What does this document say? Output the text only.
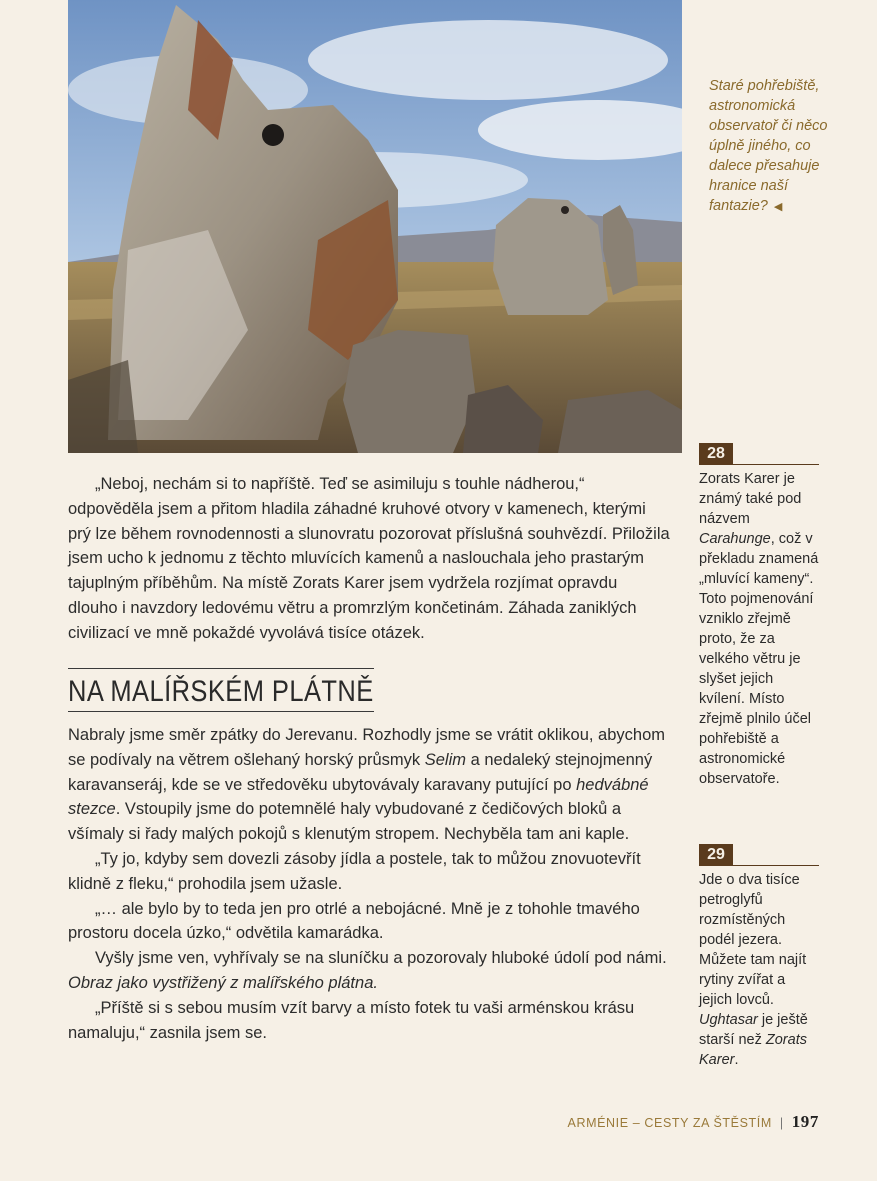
Staré pohřebiště, astronomická observatoř či něco úplně jiného, co dalece přesahuje hranice naší fantazie? ◀

„Neboj, nechám si to napříště. Teď se asimiluju s touhle nádherou,“ odpověděla jsem a přitom hladila záhadné kruhové otvory v kamenech, kterými prý lze během rovnodennosti a slunovratu pozorovat příslušná souhvězdí. Přiložila jsem ucho k jednomu z těchto mluvících kamenů a naslouchala jeho prastarým tajuplným příběhům. Na místě Zorats Karer jsem vydržela rozjímat opravdu dlouho i navzdory ledovému větru a promrzlým končetinám. Záhada zaniklých civilizací ve mně pokaždé vyvolává tisíce otázek.

NA MALÍŘSKÉM PLÁTNĚ

Nabraly jsme směr zpátky do Jerevanu. Rozhodly jsme se vrátit oklikou, abychom se podívaly na větrem ošlehaný horský průsmyk Selim a nedaleký stejnojmenný karavanseráj, kde se ve středověku ubytovávaly karavany putující po hedvábné stezce. Vstoupily jsme do potemnělé haly vybudované z čedičových bloků a všímaly si řady malých pokojů s klenutým stropem. Nechyběla tam ani kaple.

„Ty jo, kdyby sem dovezli zásoby jídla a postele, tak to můžou znovuotevřít klidně z fleku,“ prohodila jsem užasle.

„… ale bylo by to teda jen pro otrlé a nebojácné. Mně je z tohohle tmavého prostoru docela úzko,“ odvětila kamarádka.

Vyšly jsme ven, vyhřívaly se na sluníčku a pozorovaly hluboké údolí pod námi. Obraz jako vystřižený z malířského plátna.

„Příště si s sebou musím vzít barvy a místo fotek tu vaši arménskou krásu namaluju,“ zasnila jsem se.

28
Zorats Karer je známý také pod názvem Carahunge, což v překladu znamená „mluvící kameny“. Toto pojmenování vzniklo zřejmě proto, že za velkého větru je slyšet jejich kvílení. Místo zřejmě plnilo účel pohřebiště a astronomické observatoře.
29
Jde o dva tisíce petroglyfů rozmístěných podél jezera. Můžete tam najít rytiny zvířat a jejich lovců. Ughtasar je ještě starší než Zorats Karer.
ARMÉNIE – CESTY ZA ŠTĚSTÍM | 197
